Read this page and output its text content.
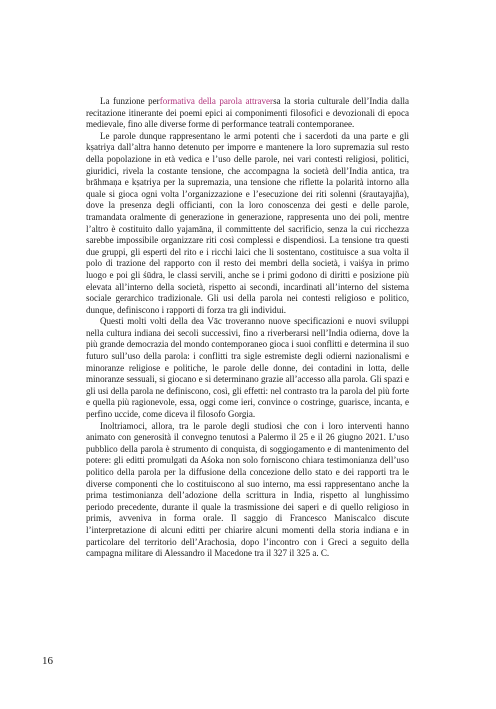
La funzione performativa della parola attraversa la storia culturale dell’India dalla recitazione itinerante dei poemi epici ai componimenti filosofici e devozionali di epoca medievale, fino alle diverse forme di performance teatrali contemporanee.

Le parole dunque rappresentano le armi potenti che i sacerdoti da una parte e gli kṣatriya dall’altra hanno detenuto per imporre e mantenere la loro supremazia sul resto della popolazione in età vedica e l’uso delle parole, nei vari contesti religiosi, politici, giuridici, rivela la costante tensione, che accompagna la società dell’India antica, tra brāhmaṇa e kṣatriya per la supremazia, una tensione che riflette la polarità intorno alla quale si gioca ogni volta l’organizzazione e l’esecuzione dei riti solenni (śrautayajña), dove la presenza degli officianti, con la loro conoscenza dei gesti e delle parole, tramandata oralmente di generazione in generazione, rappresenta uno dei poli, mentre l’altro è costituito dallo yajamāna, il committente del sacrificio, senza la cui ricchezza sarebbe impossibile organizzare riti così complessi e dispendiosi. La tensione tra questi due gruppi, gli esperti del rito e i ricchi laici che li sostentano, costituisce a sua volta il polo di trazione del rapporto con il resto dei membri della società, i vaiśya in primo luogo e poi gli śūdra, le classi servili, anche se i primi godono di diritti e posizione più elevata all’interno della società, rispetto ai secondi, incardinati all’interno del sistema sociale gerarchico tradizionale. Gli usi della parola nei contesti religioso e politico, dunque, definiscono i rapporti di forza tra gli individui.

Questi molti volti della dea Vāc troveranno nuove specificazioni e nuovi sviluppi nella cultura indiana dei secoli successivi, fino a riverberarsi nell’India odierna, dove la più grande democrazia del mondo contemporaneo gioca i suoi conflitti e determina il suo futuro sull’uso della parola: i conflitti tra sigle estremiste degli odierni nazionalismi e minoranze religiose e politiche, le parole delle donne, dei contadini in lotta, delle minoranze sessuali, si giocano e si determinano grazie all’accesso alla parola. Gli spazi e gli usi della parola ne definiscono, così, gli effetti: nel contrasto tra la parola del più forte e quella più ragionevole, essa, oggi come ieri, convince o costringe, guarisce, incanta, e perfino uccide, come diceva il filosofo Gorgia.

Inoltriamoci, allora, tra le parole degli studiosi che con i loro interventi hanno animato con generosità il convegno tenutosi a Palermo il 25 e il 26 giugno 2021. L’uso pubblico della parola è strumento di conquista, di soggiogamento e di mantenimento del potere: gli editti promulgati da Aśoka non solo forniscono chiara testimonianza dell’uso politico della parola per la diffusione della concezione dello stato e dei rapporti tra le diverse componenti che lo costituiscono al suo interno, ma essi rappresentano anche la prima testimonianza dell’adozione della scrittura in India, rispetto al lunghissimo periodo precedente, durante il quale la trasmissione dei saperi e di quello religioso in primis, avveniva in forma orale. Il saggio di Francesco Maniscalco discute l’interpretazione di alcuni editti per chiarire alcuni momenti della storia indiana e in particolare del territorio dell’Arachosia, dopo l’incontro con i Greci a seguito della campagna militare di Alessandro il Macedone tra il 327 il 325 a. C.

16
